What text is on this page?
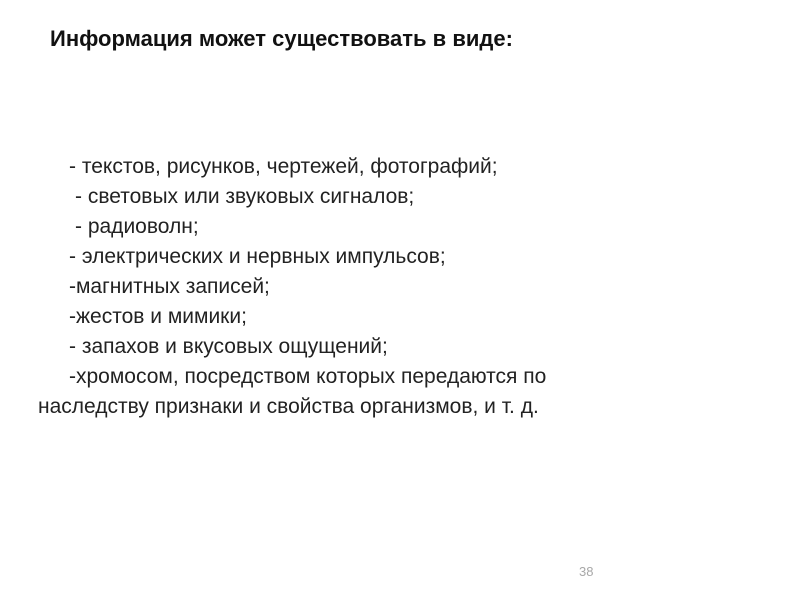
Информация может существовать в виде:
- текстов, рисунков, чертежей, фотографий;
- световых или звуковых сигналов;
- радиоволн;
- электрических и нервных импульсов;
-магнитных записей;
-жестов и мимики;
- запахов и вкусовых ощущений;
-хромосом, посредством которых передаются по наследству признаки и свойства организмов, и т. д.
38
